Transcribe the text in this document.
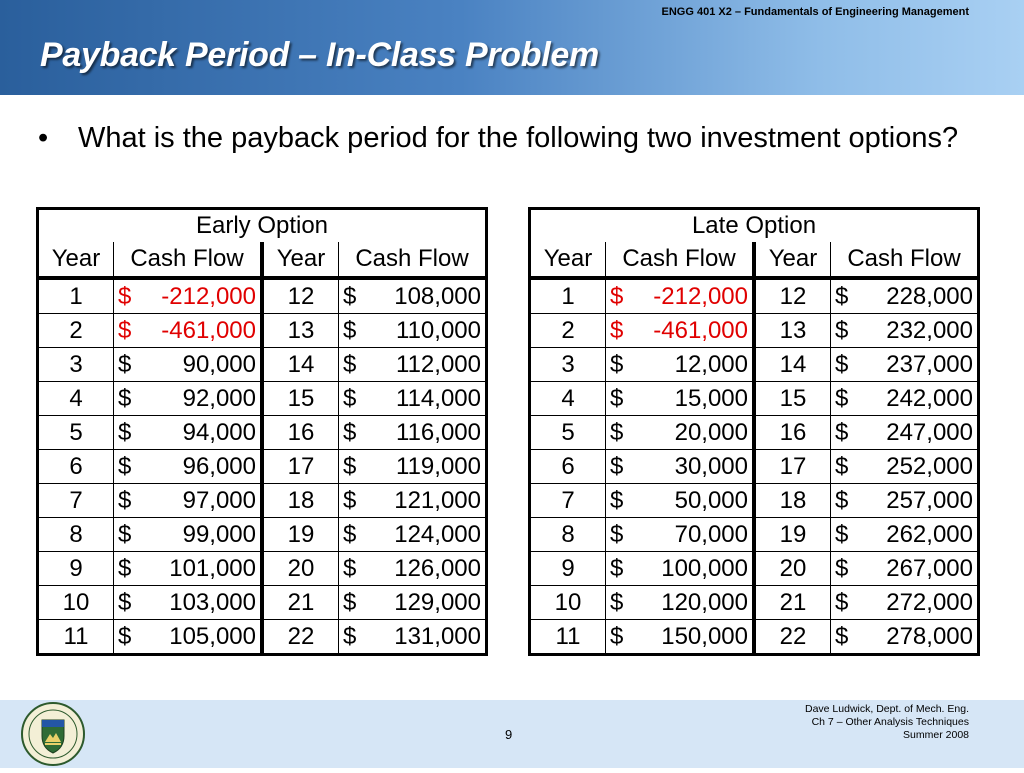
ENGG 401 X2 – Fundamentals of Engineering Management
Payback Period – In-Class Problem
• What is the payback period for the following two investment options?
Early Option			
Year	Cash Flow	Year	Cash Flow
1	$ -212,000	12	$ 108,000

2	$ -461,000	13	$ 110,000

3	$ 90,000	14	$ 112,000

4	$ 92,000	15	$ 114,000

5	$ 94,000	16	$ 116,000

6	$ 96,000	17	$ 119,000

7	$ 97,000	18	$ 121,000

8	$ 99,000	19	$ 124,000

9	$ 101,000	20	$ 126,000

10	$ 103,000	21	$ 129,000

11	$ 105,000	22	$ 131,000
Late Option			
Year	Cash Flow	Year	Cash Flow
1	$ -212,000	12	$ 228,000

2	$ -461,000	13	$ 232,000

3	$ 12,000	14	$ 237,000

4	$ 15,000	15	$ 242,000

5	$ 20,000	16	$ 247,000

6	$ 30,000	17	$ 252,000

7	$ 50,000	18	$ 257,000

8	$ 70,000	19	$ 262,000

9	$ 100,000	20	$ 267,000

10	$ 120,000	21	$ 272,000

11	$ 150,000	22	$ 278,000
9
Dave Ludwick, Dept. of Mech. Eng.
Ch 7 – Other Analysis Techniques
Summer 2008
